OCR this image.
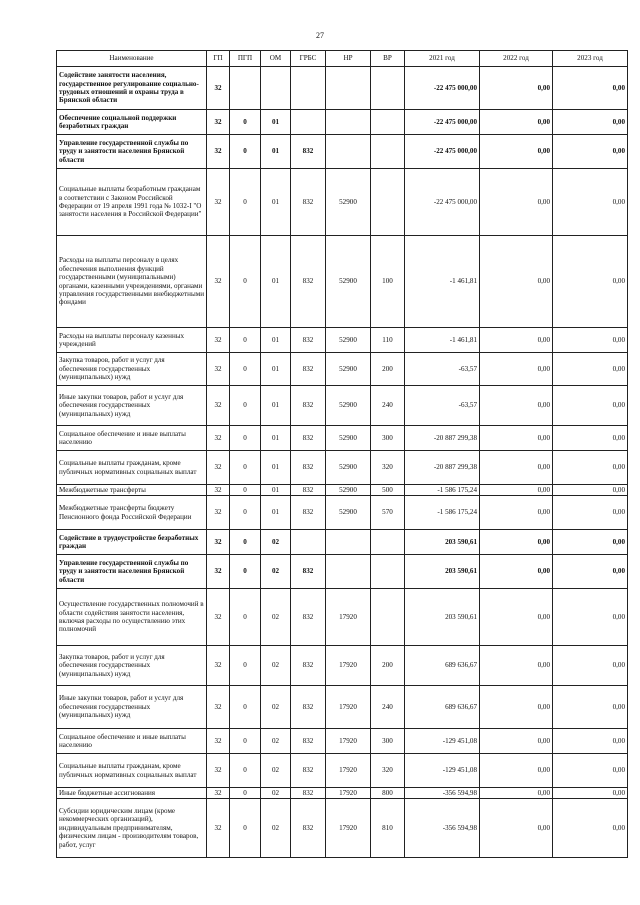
27
Наименование	ГП	ПГП	ОМ	ГРБС	НР	ВР	2021 год	2022 год	2023 год
Содействие занятости населения, государственное регулирование социально-трудовых отношений и охраны труда в Брянской области	32						-22 475 000,00	0,00	0,00
Обеспечение социальной поддержки безработных граждан	32	0	01				-22 475 000,00	0,00	0,00
Управление государственной службы по труду и занятости населения Брянской области	32	0	01	832			-22 475 000,00	0,00	0,00
Социальные выплаты безработным гражданам в соответствии с Законом Российской Федерации от 19 апреля 1991 года № 1032-I "О занятости населения в Российской Федерации"	32	0	01	832	52900		-22 475 000,00	0,00	0,00
Расходы на выплаты персоналу в целях обеспечения выполнения функций государственными (муниципальными) органами, казенными учреждениями, органами управления государственными внебюджетными фондами	32	0	01	832	52900	100	-1 461,81	0,00	0,00
Расходы на выплаты персоналу казенных учреждений	32	0	01	832	52900	110	-1 461,81	0,00	0,00
Закупка товаров, работ и услуг для обеспечения государственных (муниципальных) нужд	32	0	01	832	52900	200	-63,57	0,00	0,00
Иные закупки товаров, работ и услуг для обеспечения государственных (муниципальных) нужд	32	0	01	832	52900	240	-63,57	0,00	0,00
Социальное обеспечение и иные выплаты населению	32	0	01	832	52900	300	-20 887 299,38	0,00	0,00
Социальные выплаты гражданам, кроме публичных нормативных социальных выплат	32	0	01	832	52900	320	-20 887 299,38	0,00	0,00
Межбюджетные трансферты	32	0	01	832	52900	500	-1 586 175,24	0,00	0,00
Межбюджетные трансферты бюджету Пенсионного фонда Российской Федерации	32	0	01	832	52900	570	-1 586 175,24	0,00	0,00
Содействие в трудоустройстве безработных граждан	32	0	02				203 590,61	0,00	0,00
Управление государственной службы по труду и занятости населения Брянской области	32	0	02	832			203 590,61	0,00	0,00
Осуществление государственных полномочий в области содействия занятости населения, включая расходы по осуществлению этих полномочий	32	0	02	832	17920		203 590,61	0,00	0,00
Закупка товаров, работ и услуг для обеспечения государственных (муниципальных) нужд	32	0	02	832	17920	200	689 636,67	0,00	0,00
Иные закупки товаров, работ и услуг для обеспечения государственных (муниципальных) нужд	32	0	02	832	17920	240	689 636,67	0,00	0,00
Социальное обеспечение и иные выплаты населению	32	0	02	832	17920	300	-129 451,08	0,00	0,00
Социальные выплаты гражданам, кроме публичных нормативных социальных выплат	32	0	02	832	17920	320	-129 451,08	0,00	0,00
Иные бюджетные ассигнования	32	0	02	832	17920	800	-356 594,98	0,00	0,00
Субсидии юридическим лицам (кроме некоммерческих организаций), индивидуальным предпринимателям, физическим лицам - производителям товаров, работ, услуг	32	0	02	832	17920	810	-356 594,98	0,00	0,00
